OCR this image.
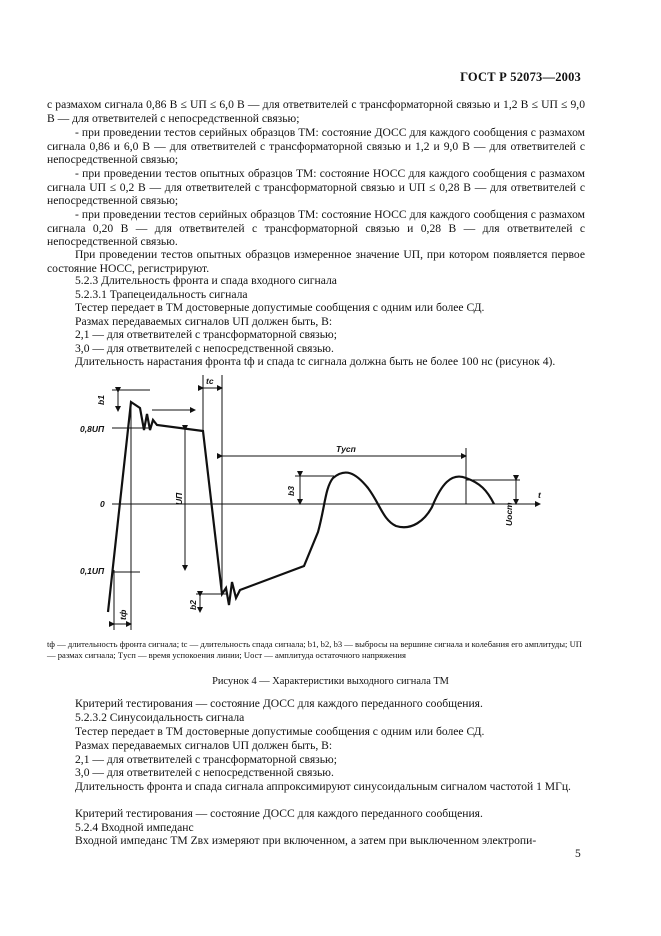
ГОСТ Р 52073—2003

с размахом сигнала 0,86 В ≤ UП ≤ 6,0 В — для ответвителей с трансформаторной связью и 1,2 В ≤ UП ≤ 9,0 В — для ответвителей с непосредственной связью;

- при проведении тестов серийных образцов ТМ: состояние ДОСС для каждого сообщения с размахом сигнала 0,86 и 6,0 В — для ответвителей с трансформаторной связью и 1,2 и 9,0 В — для ответвителей с непосредственной связью;

- при проведении тестов опытных образцов ТМ: состояние НОСС для каждого сообщения с размахом сигнала UП ≤ 0,2 В — для ответвителей с трансформаторной связью и UП ≤ 0,28 В — для ответвителей с непосредственной связью;

- при проведении тестов серийных образцов ТМ: состояние НОСС для каждого сообщения с размахом сигнала 0,20 В — для ответвителей с трансформаторной связью и 0,28 В — для ответвителей с непосредственной связью.

При проведении тестов опытных образцов измеренное значение UП, при котором появляется первое состояние НОСС, регистрируют.

5.2.3 Длительность фронта и спада входного сигнала

5.2.3.1 Трапецеидальность сигнала

Тестер передает в ТМ достоверные допустимые сообщения с одним или более СД.

Размах передаваемых сигналов UП должен быть, В:

2,1 — для ответвителей с трансформаторной связью;

3,0 — для ответвителей с непосредственной связью.

Длительность нарастания фронта tф и спада tс сигнала должна быть не более 100 нс (рисунок 4).

b1
0,8UП
0
0,1UП
tс
tф
Tусп
UП
b3
Uост
b2
t
tф — длительность фронта сигнала; tс — длительность спада сигнала; b1, b2, b3 — выбросы на вершине сигнала и колебания его амплитуды; UП — размах сигнала; Tусп — время успокоения линии; Uост — амплитуда остаточного напряжения
Рисунок 4 — Характеристики выходного сигнала ТМ

Критерий тестирования — состояние ДОСС для каждого переданного сообщения.

5.2.3.2 Синусоидальность сигнала

Тестер передает в ТМ достоверные допустимые сообщения с одним или более СД.

Размах передаваемых сигналов UП должен быть, В:

2,1 — для ответвителей с трансформаторной связью;

3,0 — для ответвителей с непосредственной связью.

Длительность фронта и спада сигнала аппроксимируют синусоидальным сигналом частотой 1 МГц.

Критерий тестирования — состояние ДОСС для каждого переданного сообщения.

5.2.4 Входной импеданс

Входной импеданс ТМ Zвх измеряют при включенном, а затем при выключенном электропи-

5
